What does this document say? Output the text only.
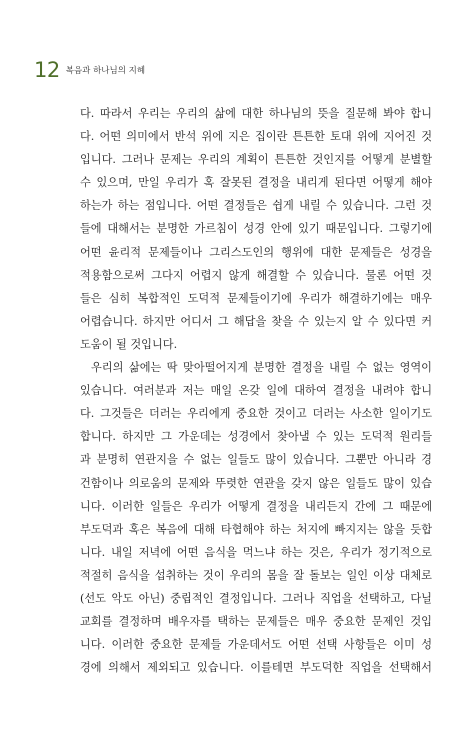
12 복음과 하나님의 지혜
다. 따라서 우리는 우리의 삶에 대한 하나님의 뜻을 질문해 봐야 합니
다. 어떤 의미에서 반석 위에 지은 집이란 튼튼한 토대 위에 지어진 것
입니다. 그러나 문제는 우리의 계획이 튼튼한 것인지를 어떻게 분별할
수 있으며, 만일 우리가 혹 잘못된 결정을 내리게 된다면 어떻게 해야
하는가 하는 점입니다. 어떤 결정들은 쉽게 내릴 수 있습니다. 그런 것
들에 대해서는 분명한 가르침이 성경 안에 있기 때문입니다. 그렇기에
어떤 윤리적 문제들이나 그리스도인의 행위에 대한 문제들은 성경을
적용함으로써 그다지 어렵지 않게 해결할 수 있습니다. 물론 어떤 것
들은 심히 복합적인 도덕적 문제들이기에 우리가 해결하기에는 매우
어렵습니다. 하지만 어디서 그 해답을 찾을 수 있는지 알 수 있다면 커
도움이 될 것입니다.
우리의 삶에는 딱 맞아떨어지게 분명한 결정을 내릴 수 없는 영역이
있습니다. 여러분과 저는 매일 온갖 일에 대하여 결정을 내려야 합니
다. 그것들은 더러는 우리에게 중요한 것이고 더러는 사소한 일이기도
합니다. 하지만 그 가운데는 성경에서 찾아낼 수 있는 도덕적 원리들
과 분명히 연관지을 수 없는 일들도 많이 있습니다. 그뿐만 아니라 경
건함이나 의로움의 문제와 뚜렷한 연관을 갖지 않은 일들도 많이 있습
니다. 이러한 일들은 우리가 어떻게 결정을 내리든지 간에 그 때문에
부도덕과 혹은 복음에 대해 타협해야 하는 처지에 빠지지는 않을 듯합
니다. 내일 저녁에 어떤 음식을 먹느냐 하는 것은, 우리가 정기적으로
적절히 음식을 섭취하는 것이 우리의 몸을 잘 돌보는 일인 이상 대체로
(선도 악도 아닌) 중립적인 결정입니다. 그러나 직업을 선택하고, 다닐
교회를 결정하며 배우자를 택하는 문제들은 매우 중요한 문제인 것입
니다. 이러한 중요한 문제들 가운데서도 어떤 선택 사항들은 이미 성
경에 의해서 제외되고 있습니다. 이를테면 부도덕한 직업을 선택해서
